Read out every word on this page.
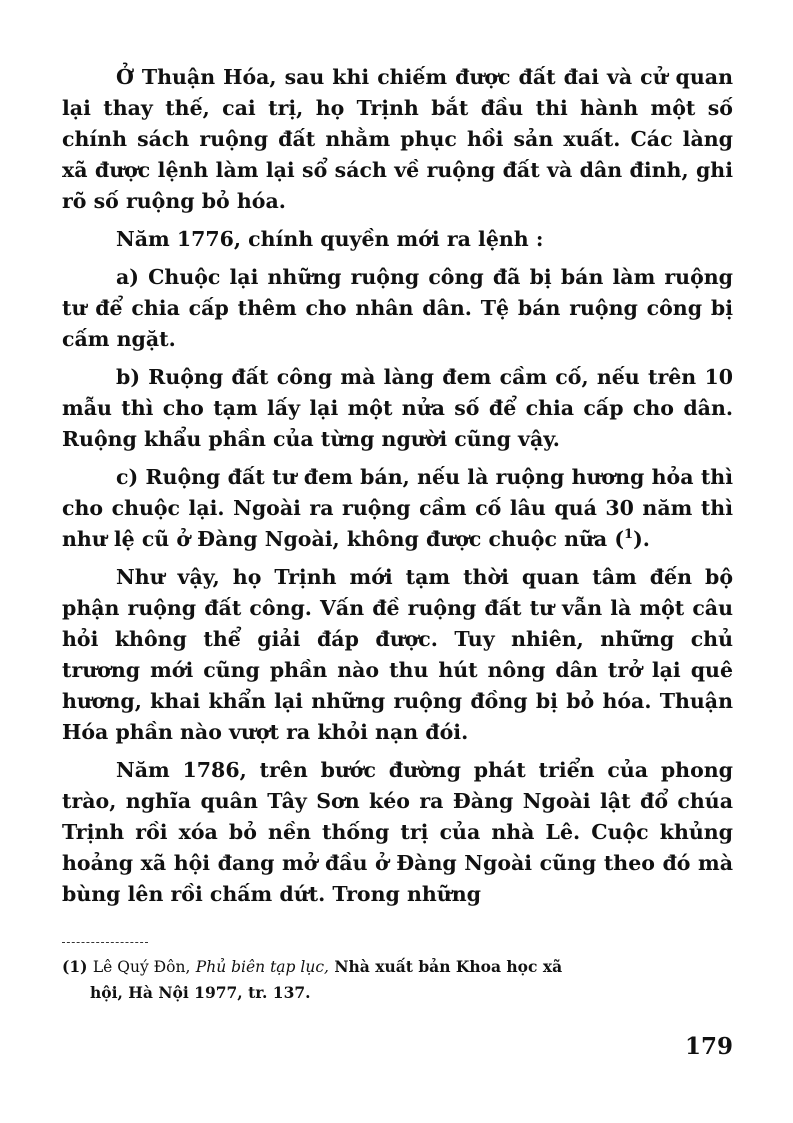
Ở Thuận Hóa, sau khi chiếm được đất đai và cử quan lại thay thế, cai trị, họ Trịnh bắt đầu thi hành một số chính sách ruộng đất nhằm phục hồi sản xuất. Các làng xã được lệnh làm lại sổ sách về ruộng đất và dân đinh, ghi rõ số ruộng bỏ hóa.

Năm 1776, chính quyền mới ra lệnh :

a) Chuộc lại những ruộng công đã bị bán làm ruộng tư để chia cấp thêm cho nhân dân. Tệ bán ruộng công bị cấm ngặt.

b) Ruộng đất công mà làng đem cầm cố, nếu trên 10 mẫu thì cho tạm lấy lại một nửa số để chia cấp cho dân. Ruộng khẩu phần của từng người cũng vậy.

c) Ruộng đất tư đem bán, nếu là ruộng hương hỏa thì cho chuộc lại. Ngoài ra ruộng cầm cố lâu quá 30 năm thì như lệ cũ ở Đàng Ngoài, không được chuộc nữa ($^1$).

Như vậy, họ Trịnh mới tạm thời quan tâm đến bộ phận ruộng đất công. Vấn đề ruộng đất tư vẫn là một câu hỏi không thể giải đáp được. Tuy nhiên, những chủ trương mới cũng phần nào thu hút nông dân trở lại quê hương, khai khẩn lại những ruộng đồng bị bỏ hóa. Thuận Hóa phần nào vượt ra khỏi nạn đói.

Năm 1786, trên bước đường phát triển của phong trào, nghĩa quân Tây Sơn kéo ra Đàng Ngoài lật đổ chúa Trịnh rồi xóa bỏ nền thống trị của nhà Lê. Cuộc khủng hoảng xã hội đang mở đầu ở Đàng Ngoài cũng theo đó mà bùng lên rồi chấm dứt. Trong những

(1) Lê Quý Đôn, Phủ biên tạp lục, Nhà xuất bản Khoa học xã
hội, Hà Nội 1977, tr. 137.
179
